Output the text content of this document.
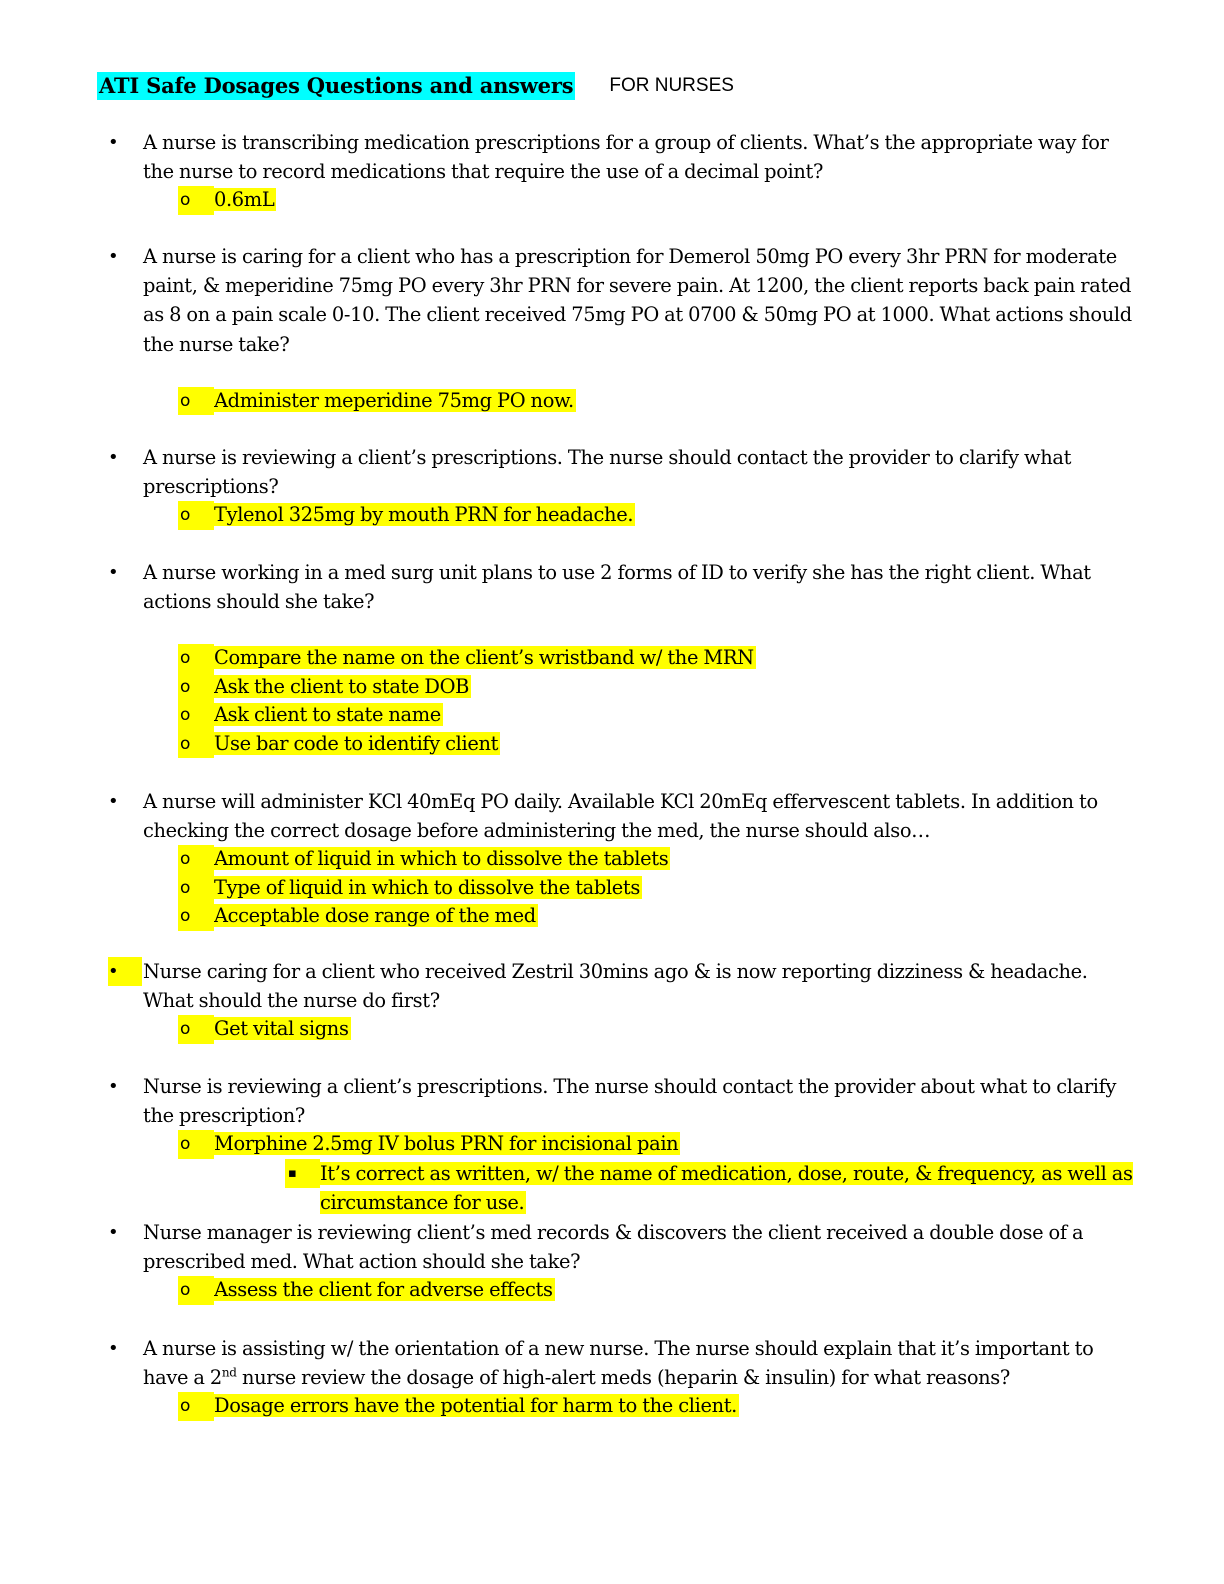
ATI Safe Dosages Questions and answers FOR NURSES
•	A nurse is transcribing medication prescriptions for a group of clients. What’s the appropriate way for the nurse to record medications that require the use of a decimal point?
o	0.6mL
•	A nurse is caring for a client who has a prescription for Demerol 50mg PO every 3hr PRN for moderate paint, & meperidine 75mg PO every 3hr PRN for severe pain. At 1200, the client reports back pain rated as 8 on a pain scale 0-10. The client received 75mg PO at 0700 & 50mg PO at 1000. What actions should the nurse take?
o	Administer meperidine 75mg PO now.
•	A nurse is reviewing a client’s prescriptions. The nurse should contact the provider to clarify what prescriptions?
o	Tylenol 325mg by mouth PRN for headache.
•	A nurse working in a med surg unit plans to use 2 forms of ID to verify she has the right client. What actions should she take?
o	Compare the name on the client’s wristband w/ the MRN
o	Ask the client to state DOB
o	Ask client to state name
o	Use bar code to identify client
•	A nurse will administer KCl 40mEq PO daily. Available KCl 20mEq effervescent tablets. In addition to checking the correct dosage before administering the med, the nurse should also…
o	Amount of liquid in which to dissolve the tablets
o	Type of liquid in which to dissolve the tablets
o	Acceptable dose range of the med
•	Nurse caring for a client who received Zestril 30mins ago & is now reporting dizziness & headache. What should the nurse do first?
o	Get vital signs
•	Nurse is reviewing a client’s prescriptions. The nurse should contact the provider about what to clarify the prescription?
o	Morphine 2.5mg IV bolus PRN for incisional pain
▪	It’s correct as written, w/ the name of medication, dose, route, & frequency, as well as circumstance for use.
•	Nurse manager is reviewing client’s med records & discovers the client received a double dose of a prescribed med. What action should she take?
o	Assess the client for adverse effects
•	A nurse is assisting w/ the orientation of a new nurse. The nurse should explain that it’s important to have a 2nd nurse review the dosage of high-alert meds (heparin & insulin) for what reasons?
o	Dosage errors have the potential for harm to the client.
